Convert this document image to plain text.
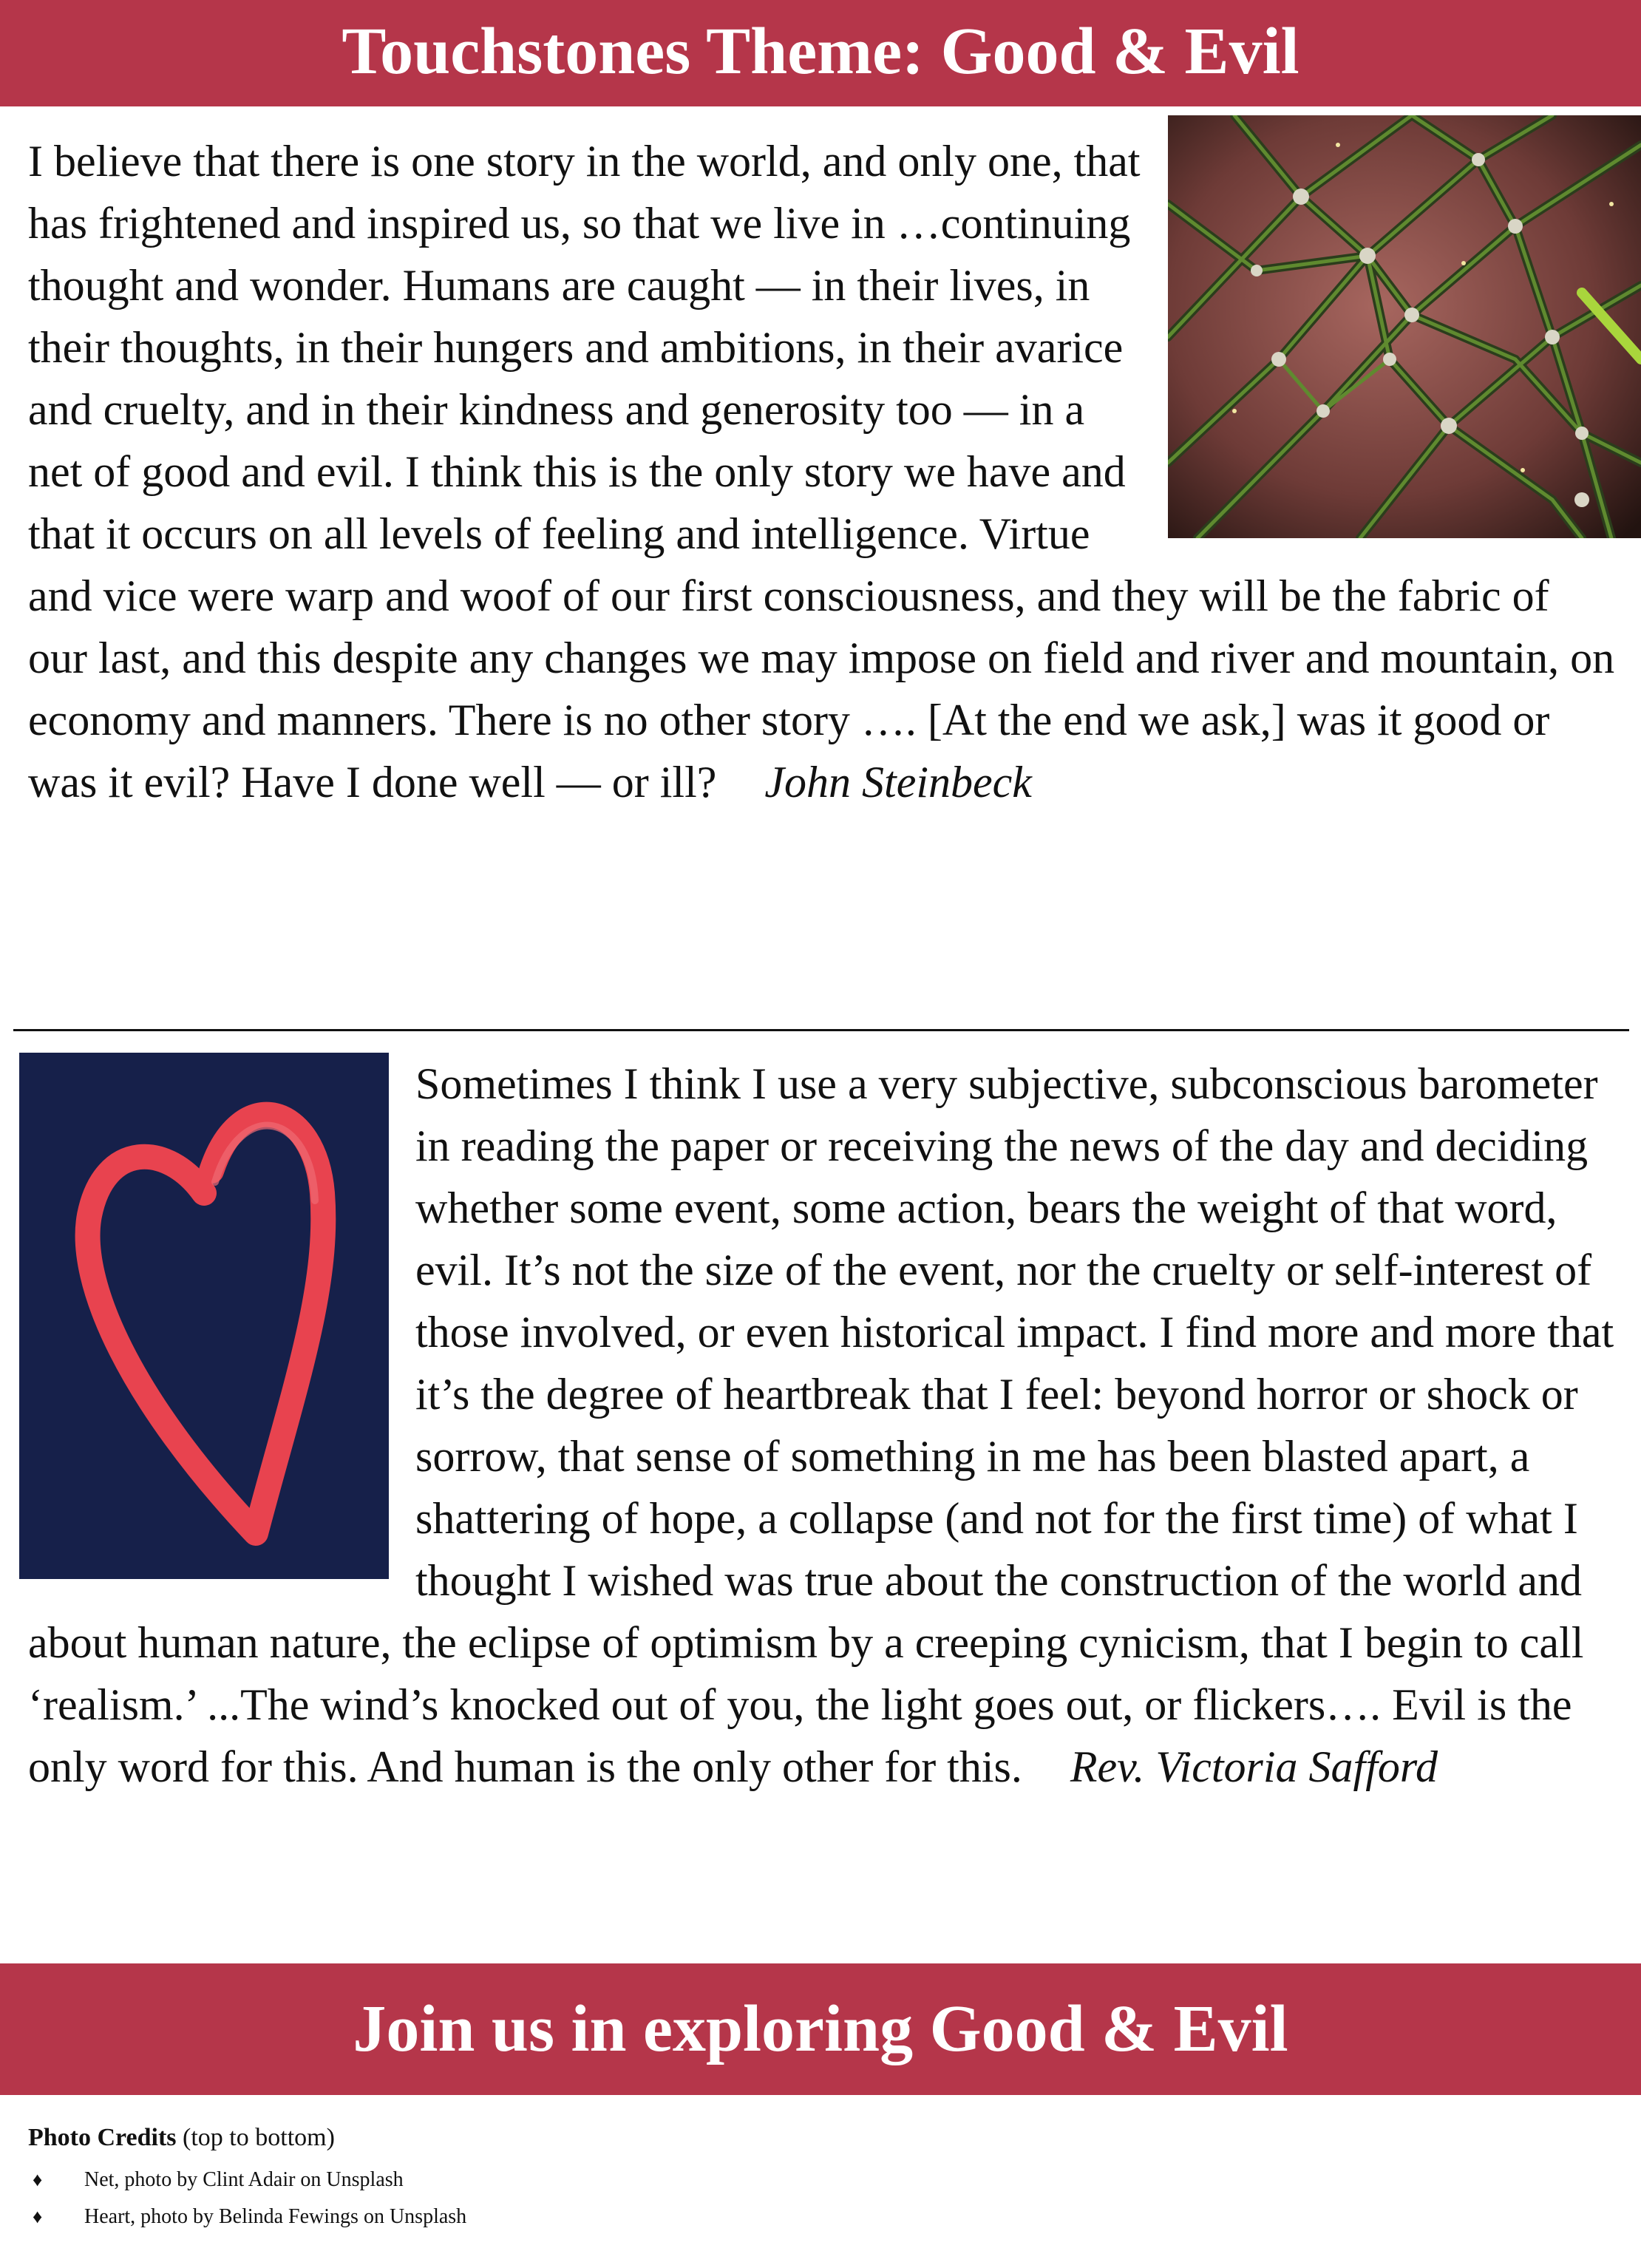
Touchstones Theme: Good & Evil

I believe that there is one story in the world, and only one, that has frightened and inspired us, so that we live in …continuing thought and wonder. Humans are caught — in their lives, in their thoughts, in their hungers and ambitions, in their avarice and cruelty, and in their kindness and generosity too — in a net of good and evil. I think this is the only story we have and that it occurs on all levels of feeling and intelligence. Virtue and vice were warp and woof of our first consciousness, and they will be the fabric of our last, and this despite any changes we may impose on field and river and mountain, on economy and manners. There is no other story …. [At the end we ask,] was it good or was it evil? Have I done well — or ill? John Steinbeck

Sometimes I think I use a very subjective, subconscious barometer in reading the paper or receiving the news of the day and deciding whether some event, some action, bears the weight of that word, evil. It’s not the size of the event, nor the cruelty or self-interest of those involved, or even historical impact. I find more and more that it’s the degree of heartbreak that I feel: beyond horror or shock or sorrow, that sense of something in me has been blasted apart, a shattering of hope, a collapse (and not for the first time) of what I thought I wished was true about the construction of the world and about human nature, the eclipse of optimism by a creeping cynicism, that I begin to call ‘realism.’ ...The wind’s knocked out of you, the light goes out, or flickers…. Evil is the only word for this. And human is the only other for this. Rev. Victoria Safford

Join us in exploring Good & Evil
Photo Credits (top to bottom)
♦ Net, photo by Clint Adair on Unsplash
♦ Heart, photo by Belinda Fewings on Unsplash
